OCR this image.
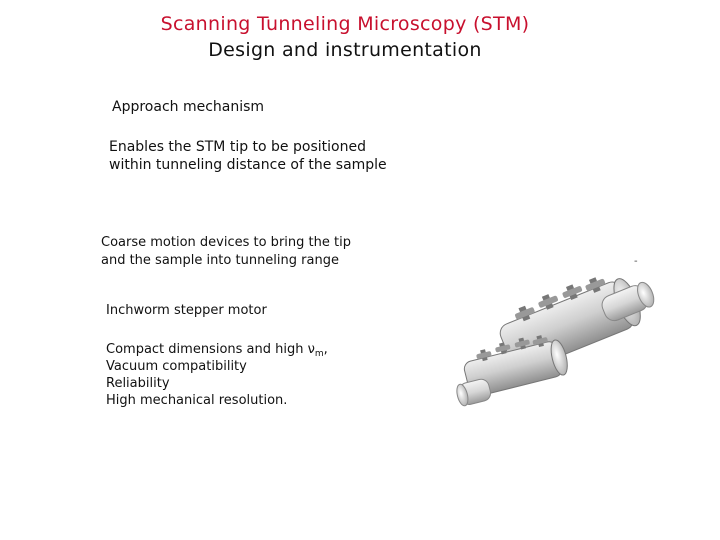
Scanning Tunneling Microscopy (STM)
Design and instrumentation
Approach mechanism
Enables the STM tip to be positioned
within tunneling distance of the sample
Coarse motion devices to bring the tip
and the sample into tunneling range	-
Inchworm stepper motor
Compact dimensions and high $\nu_m$,
Vacuum compatibility
Reliability
High mechanical resolution.
